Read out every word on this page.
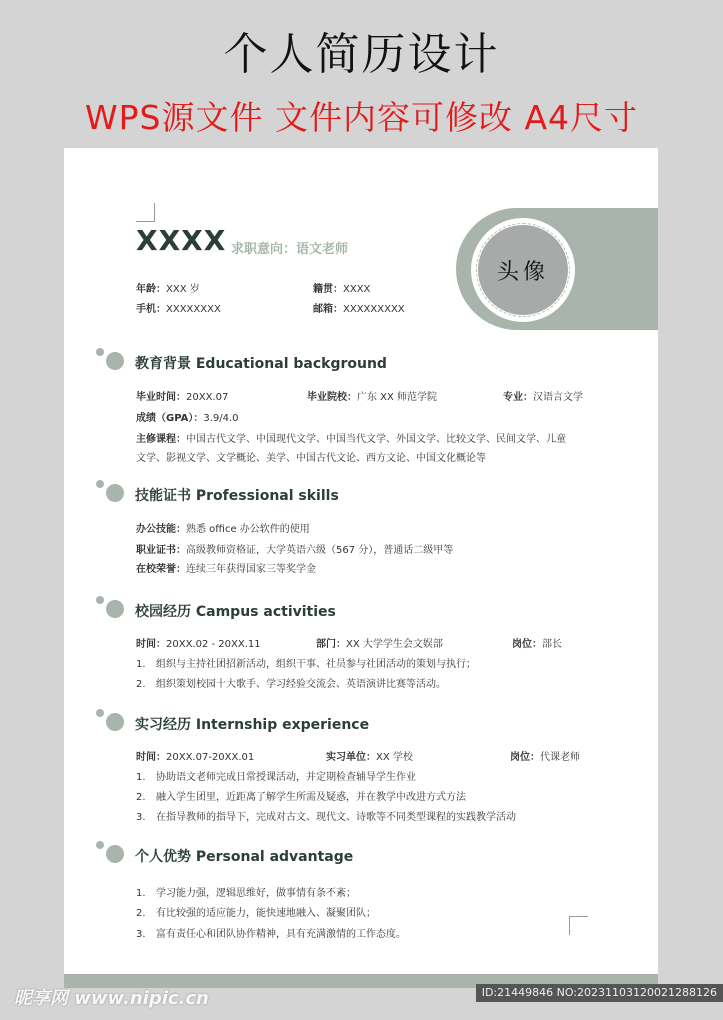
个人简历设计
WPS源文件 文件内容可修改 A4尺寸
XXXX 求职意向：语文老师
年龄：XXX 岁	籍贯：XXXX
手机：XXXXXXXX	邮箱：XXXXXXXXX
头像
教育背景 Educational background
毕业时间：20XX.07	毕业院校：广东 XX 师范学院	专业：汉语言文学
成绩（GPA）：3.9/4.0
主修课程：中国古代文学、中国现代文学、中国当代文学、外国文学、比较文学、民间文学、儿童
文学、影视文学、文学概论、美学、中国古代文论、西方文论、中国文化概论等
技能证书 Professional skills
办公技能：熟悉 office 办公软件的使用
职业证书：高级教师资格证，大学英语六级（567 分），普通话二级甲等
在校荣誉：连续三年获得国家三等奖学金
校园经历 Campus activities
时间：20XX.02 - 20XX.11	部门：XX 大学学生会文娱部	岗位：部长
1. 组织与主持社团招新活动，组织干事、社员参与社团活动的策划与执行；
2. 组织策划校园十大歌手、学习经验交流会、英语演讲比赛等活动。
实习经历 Internship experience
时间：20XX.07-20XX.01	实习单位：XX 学校	岗位：代课老师
1. 协助语文老师完成日常授课活动，并定期检查辅导学生作业
2. 融入学生团里，近距离了解学生所需及疑惑，并在教学中改进方式方法
3. 在指导教师的指导下，完成对古文、现代文、诗歌等不同类型课程的实践教学活动
个人优势 Personal advantage
1. 学习能力强，逻辑思维好，做事情有条不紊；
2. 有比较强的适应能力，能快速地融入、凝聚团队；
3. 富有责任心和团队协作精神，具有充满激情的工作态度。
昵享网 www.nipic.cn	ID:21449846 NO:20231103120021288126
